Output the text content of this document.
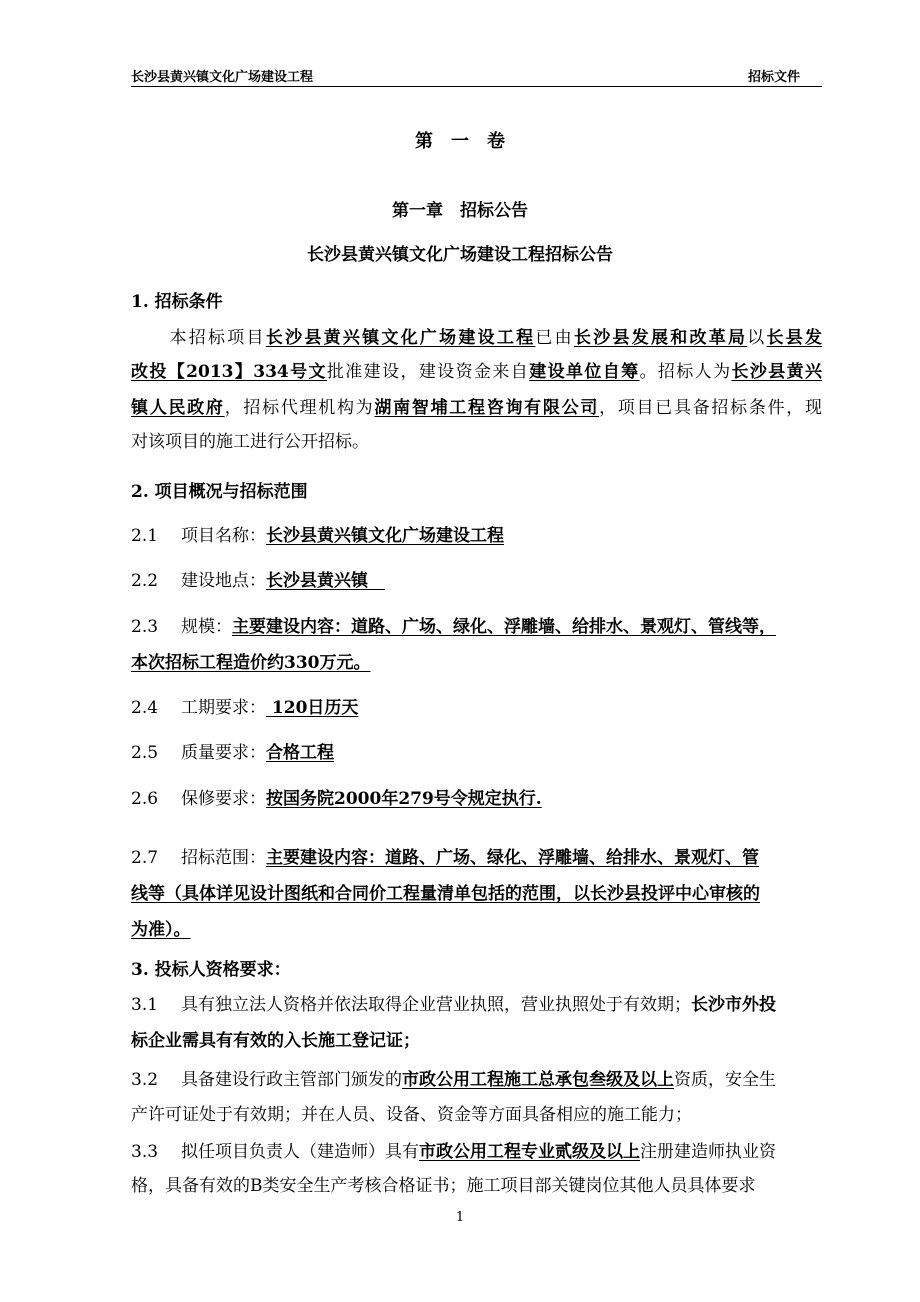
长沙县黄兴镇文化广场建设工程	招标文件
第　一　卷
第一章　招标公告
长沙县黄兴镇文化广场建设工程招标公告
1. 招标条件
　　本招标项目长沙县黄兴镇文化广场建设工程已由长沙县发展和改革局以长县发
改投【2013】334号文批准建设，建设资金来自建设单位自筹。招标人为长沙县黄兴
镇人民政府，招标代理机构为湖南智埔工程咨询有限公司，项目已具备招标条件，现
对该项目的施工进行公开招标。
2. 项目概况与招标范围
2.1 项目名称：长沙县黄兴镇文化广场建设工程
2.2 建设地点：长沙县黄兴镇　
2.3 规模：主要建设内容：道路、广场、绿化、浮雕墙、给排水、景观灯、管线等，
本次招标工程造价约330万元。
2.4 工期要求： 120日历天
2.5 质量要求：合格工程
2.6 保修要求：按国务院2000年279号令规定执行.
2.7 招标范围：主要建设内容：道路、广场、绿化、浮雕墙、给排水、景观灯、管
线等（具体详见设计图纸和合同价工程量清单包括的范围，以长沙县投评中心审核的
为准）。
3. 投标人资格要求：
3.1 具有独立法人资格并依法取得企业营业执照，营业执照处于有效期；长沙市外投
标企业需具有有效的入长施工登记证；
3.2 具备建设行政主管部门颁发的市政公用工程施工总承包叁级及以上资质，安全生
产许可证处于有效期；并在人员、设备、资金等方面具备相应的施工能力；
3.3 拟任项目负责人（建造师）具有市政公用工程专业贰级及以上注册建造师执业资
格，具备有效的B类安全生产考核合格证书；施工项目部关键岗位其他人员具体要求
1
